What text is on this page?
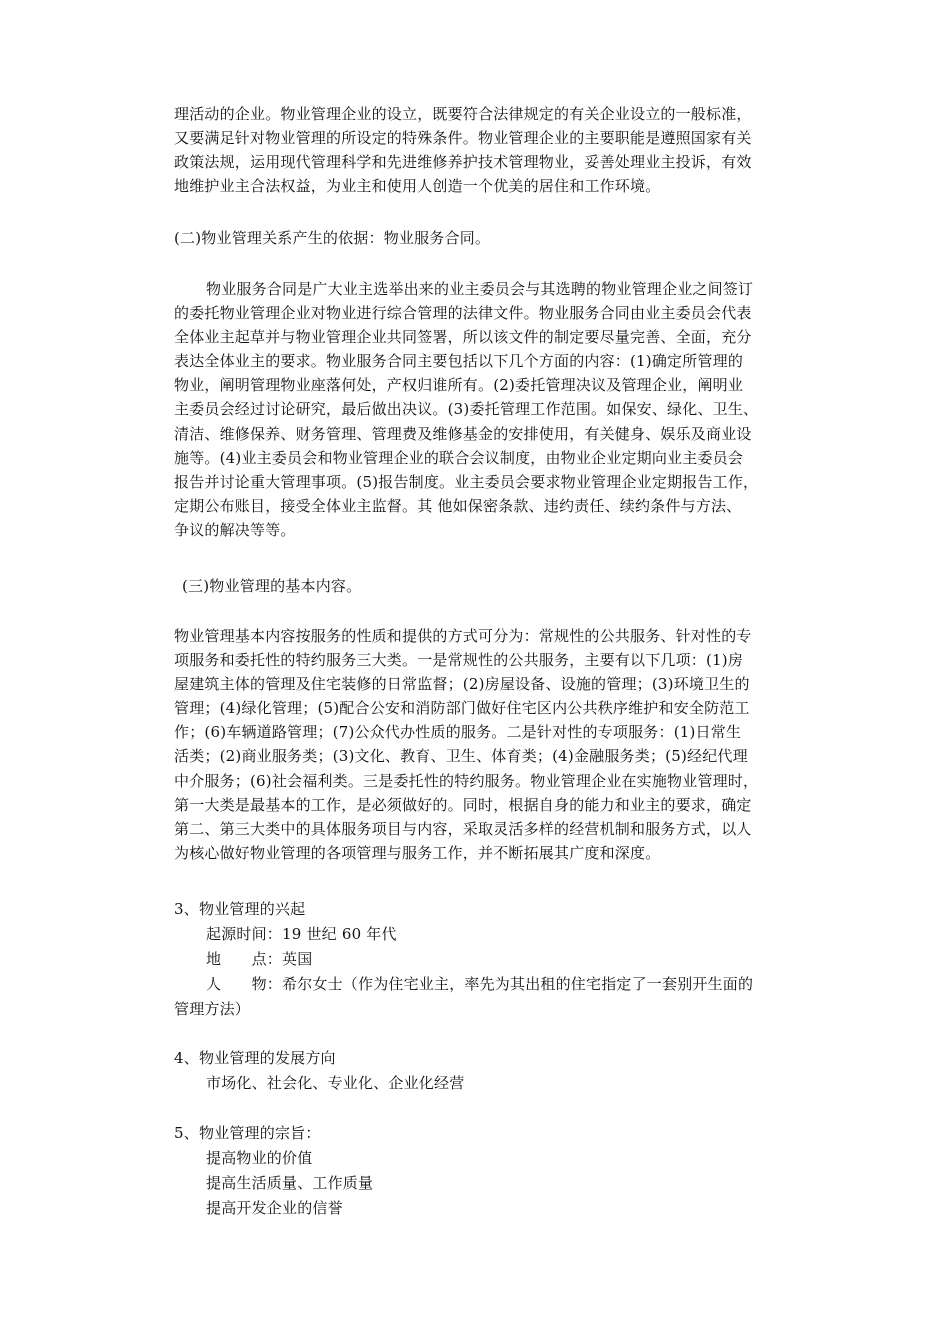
理活动的企业。物业管理企业的设立，既要符合法律规定的有关企业设立的一般标准，
又要满足针对物业管理的所设定的特殊条件。物业管理企业的主要职能是遵照国家有关
政策法规，运用现代管理科学和先进维修养护技术管理物业，妥善处理业主投诉，有效
地维护业主合法权益，为业主和使用人创造一个优美的居住和工作环境。
(二)物业管理关系产生的依据：物业服务合同。
物业服务合同是广大业主选举出来的业主委员会与其选聘的物业管理企业之间签订
的委托物业管理企业对物业进行综合管理的法律文件。物业服务合同由业主委员会代表
全体业主起草并与物业管理企业共同签署，所以该文件的制定要尽量完善、全面，充分
表达全体业主的要求。物业服务合同主要包括以下几个方面的内容：(1)确定所管理的
物业，阐明管理物业座落何处，产权归谁所有。(2)委托管理决议及管理企业，阐明业
主委员会经过讨论研究，最后做出决议。(3)委托管理工作范围。如保安、绿化、卫生、
清洁、维修保养、财务管理、管理费及维修基金的安排使用，有关健身、娱乐及商业设
施等。(4)业主委员会和物业管理企业的联合会议制度，由物业企业定期向业主委员会
报告并讨论重大管理事项。(5)报告制度。业主委员会要求物业管理企业定期报告工作，
定期公布账目，接受全体业主监督。其 他如保密条款、违约责任、续约条件与方法、
争议的解决等等。
(三)物业管理的基本内容。
物业管理基本内容按服务的性质和提供的方式可分为：常规性的公共服务、针对性的专
项服务和委托性的特约服务三大类。一是常规性的公共服务，主要有以下几项：(1)房
屋建筑主体的管理及住宅装修的日常监督；(2)房屋设备、设施的管理；(3)环境卫生的
管理；(4)绿化管理；(5)配合公安和消防部门做好住宅区内公共秩序维护和安全防范工
作；(6)车辆道路管理；(7)公众代办性质的服务。二是针对性的专项服务：(1)日常生
活类；(2)商业服务类；(3)文化、教育、卫生、体育类；(4)金融服务类；(5)经纪代理
中介服务；(6)社会福利类。三是委托性的特约服务。物业管理企业在实施物业管理时，
第一大类是最基本的工作，是必须做好的。同时，根据自身的能力和业主的要求，确定
第二、第三大类中的具体服务项目与内容，采取灵活多样的经营机制和服务方式，以人
为核心做好物业管理的各项管理与服务工作，并不断拓展其广度和深度。
3、物业管理的兴起
起源时间：19 世纪 60 年代
地　　点：英国
人　　物：希尔女士（作为住宅业主，率先为其出租的住宅指定了一套别开生面的
管理方法）
4、物业管理的发展方向
市场化、社会化、专业化、企业化经营
5、物业管理的宗旨：
提高物业的价值
提高生活质量、工作质量
提高开发企业的信誉
